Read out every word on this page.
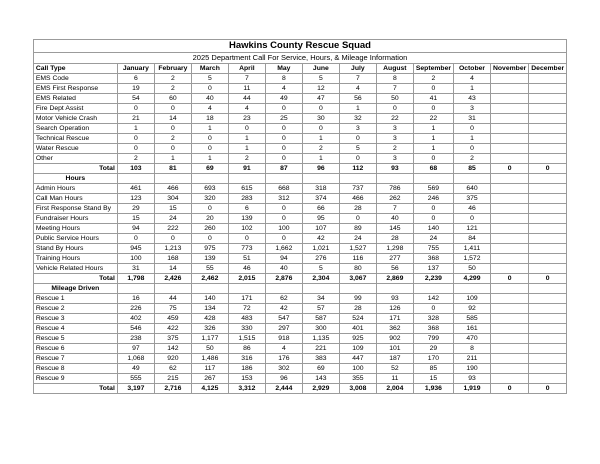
Hawkins County Rescue Squad												
2025 Department Call For Service, Hours, & Mileage Information												
Call Type	January	February	March	April	May	June	July	August	September	October	November	December
EMS Code	6	2	5	7	8	5	7	8	2	4		
EMS First Response	19	2	0	11	4	12	4	7	0	1		
EMS Related	54	60	40	44	49	47	56	50	41	43		
Fire Dept Assist	0	0	4	4	0	0	1	0	0	3		
Motor Vehicle Crash	21	14	18	23	25	30	32	22	22	31		
Search Operation	1	0	1	0	0	0	3	3	1	0		
Technical Rescue	0	2	0	1	0	1	0	3	1	1		
Water Rescue	0	0	0	1	0	2	5	2	1	0		
Other	2	1	1	2	0	1	0	3	0	2		
Total	103	81	69	91	87	96	112	93	68	85	0	0
Hours												
Admin Hours	461	466	693	615	668	318	737	786	569	640		
Call Man Hours	123	304	320	283	312	374	466	262	246	375		
First Response Stand By	29	15	0	6	0	66	28	7	0	46		
Fundraiser Hours	15	24	20	139	0	95	0	40	0	0		
Meeting Hours	94	222	260	102	100	107	89	145	140	121		
Public Service Hours	0	0	0	0	0	42	24	28	24	84		
Stand By Hours	945	1,213	975	773	1,662	1,021	1,527	1,298	755	1,411		
Training Hours	100	168	139	51	94	276	116	277	368	1,572		
Vehicle Related Hours	31	14	55	46	40	5	80	56	137	50		
Total	1,798	2,426	2,462	2,015	2,876	2,304	3,067	2,869	2,239	4,299	0	0
Mileage Driven												
Rescue 1	16	44	140	171	62	34	99	93	142	109		
Rescue 2	226	75	134	72	42	57	28	126	0	92		
Rescue 3	402	459	428	483	547	587	524	171	328	585		
Rescue 4	546	422	326	330	297	300	401	362	368	161		
Rescue 5	238	375	1,177	1,515	918	1,135	925	902	799	470		
Rescue 6	97	142	50	86	4	221	109	101	29	8		
Rescue 7	1,068	920	1,486	316	176	383	447	187	170	211		
Rescue 8	49	62	117	186	302	69	100	52	85	190		
Rescue 9	555	215	267	153	96	143	355	11	15	93		
Total	3,197	2,716	4,125	3,312	2,444	2,929	3,008	2,004	1,936	1,919	0	0
